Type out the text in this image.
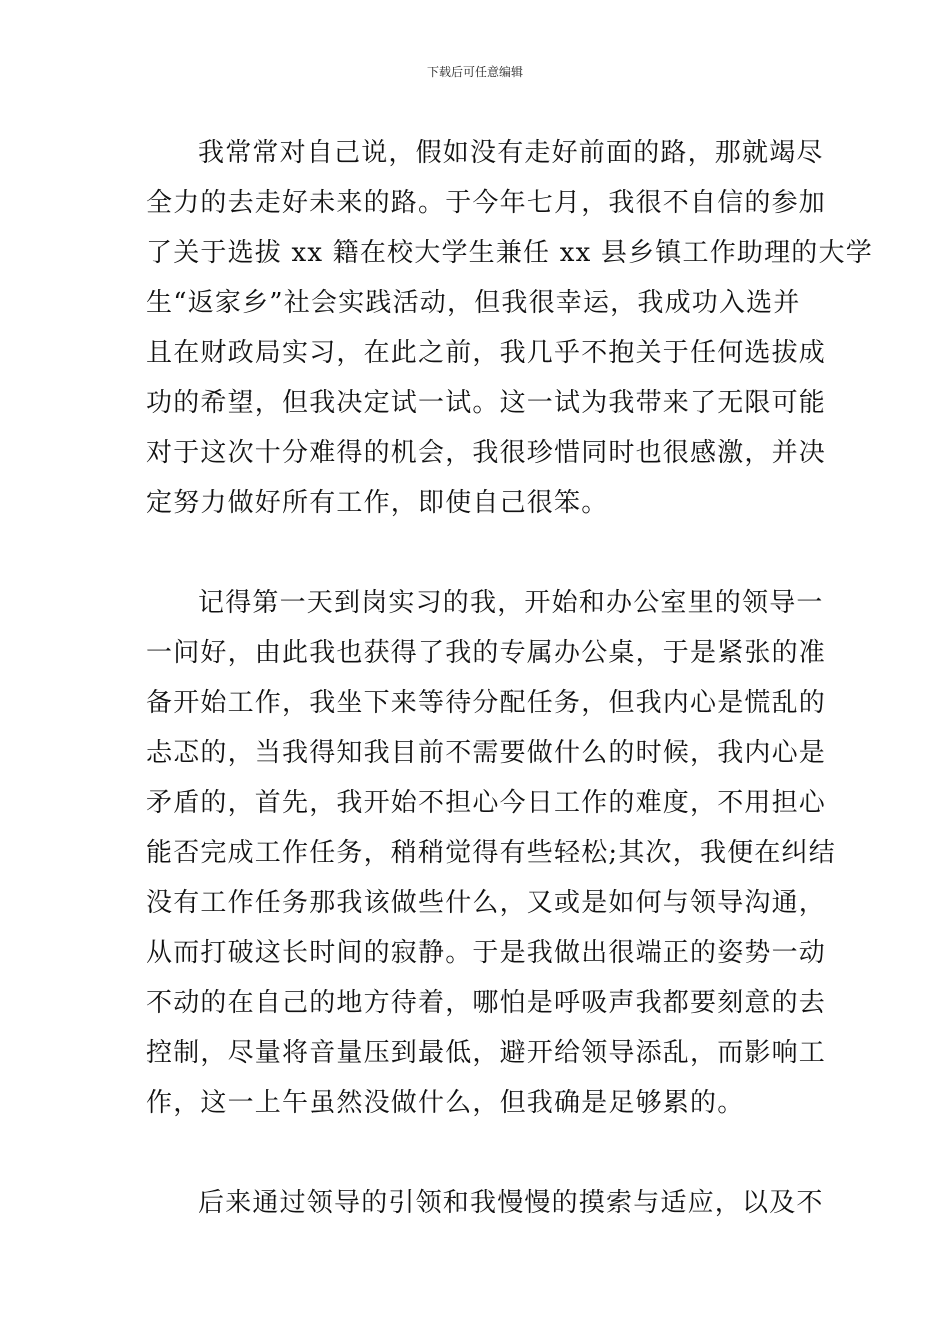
下载后可任意编辑
我常常对自己说，假如没有走好前面的路，那就竭尽
全力的去走好未来的路。于今年七月，我很不自信的参加
了关于选拔 xx 籍在校大学生兼任 xx 县乡镇工作助理的大学
生“返家乡”社会实践活动，但我很幸运，我成功入选并
且在财政局实习，在此之前，我几乎不抱关于任何选拔成
功的希望，但我决定试一试。这一试为我带来了无限可能
对于这次十分难得的机会，我很珍惜同时也很感激，并决
定努力做好所有工作，即使自己很笨。
记得第一天到岗实习的我，开始和办公室里的领导一
一问好，由此我也获得了我的专属办公桌，于是紧张的准
备开始工作，我坐下来等待分配任务，但我内心是慌乱的
忐忑的，当我得知我目前不需要做什么的时候，我内心是
矛盾的，首先，我开始不担心今日工作的难度，不用担心
能否完成工作任务，稍稍觉得有些轻松;其次，我便在纠结
没有工作任务那我该做些什么，又或是如何与领导沟通，
从而打破这长时间的寂静。于是我做出很端正的姿势一动
不动的在自己的地方待着，哪怕是呼吸声我都要刻意的去
控制，尽量将音量压到最低，避开给领导添乱，而影响工
作，这一上午虽然没做什么，但我确是足够累的。
后来通过领导的引领和我慢慢的摸索与适应，以及不
